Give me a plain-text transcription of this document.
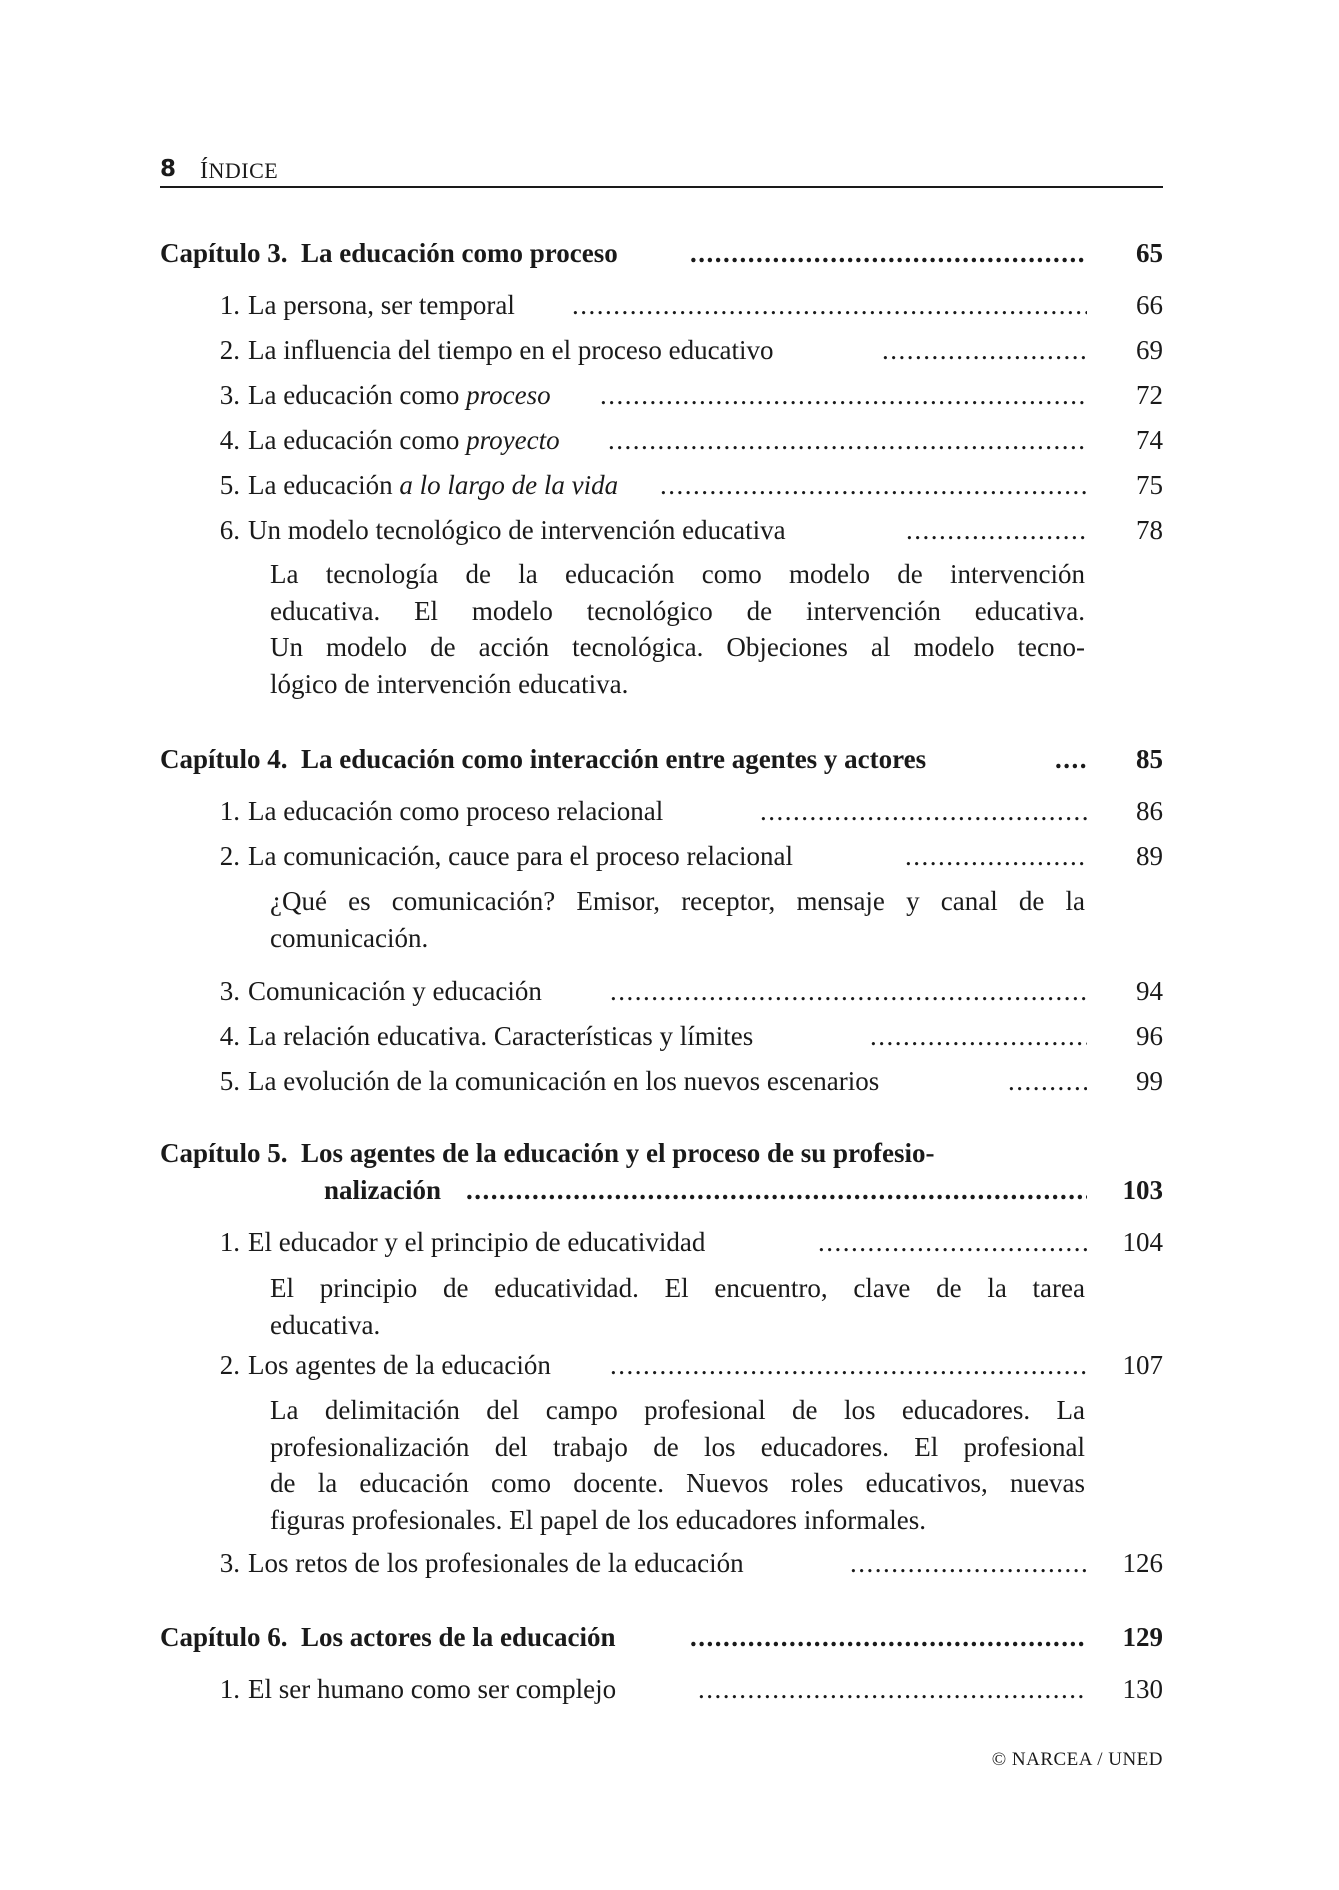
8 ÍNDICE
Capítulo 3. La educación como proceso .....	65
1. La persona, ser temporal .....	66
2. La influencia del tiempo en el proceso educativo .....	69
3. La educación como proceso .....	72
4. La educación como proyecto .....	74
5. La educación a lo largo de la vida .....	75
6. Un modelo tecnológico de intervención educativa .....	78
La tecnología de la educación como modelo de intervención
educativa. El modelo tecnológico de intervención educativa.
Un modelo de acción tecnológica. Objeciones al modelo tecno-
lógico de intervención educativa.
Capítulo 4. La educación como interacción entre agentes y actores .....	85
1. La educación como proceso relacional .....	86
2. La comunicación, cauce para el proceso relacional .....	89
¿Qué es comunicación? Emisor, receptor, mensaje y canal de la
comunicación.
3. Comunicación y educación .....	94
4. La relación educativa. Características y límites .....	96
5. La evolución de la comunicación en los nuevos escenarios .....	99
Capítulo 5. Los agentes de la educación y el proceso de su profesio-
nalización .....	103
1. El educador y el principio de educatividad .....	104
El principio de educatividad. El encuentro, clave de la tarea
educativa.
2. Los agentes de la educación .....	107
La delimitación del campo profesional de los educadores. La
profesionalización del trabajo de los educadores. El profesional
de la educación como docente. Nuevos roles educativos, nuevas
figuras profesionales. El papel de los educadores informales.
3. Los retos de los profesionales de la educación .....	126
Capítulo 6. Los actores de la educación .....	129
1. El ser humano como ser complejo .....	130
© NARCEA / UNED
